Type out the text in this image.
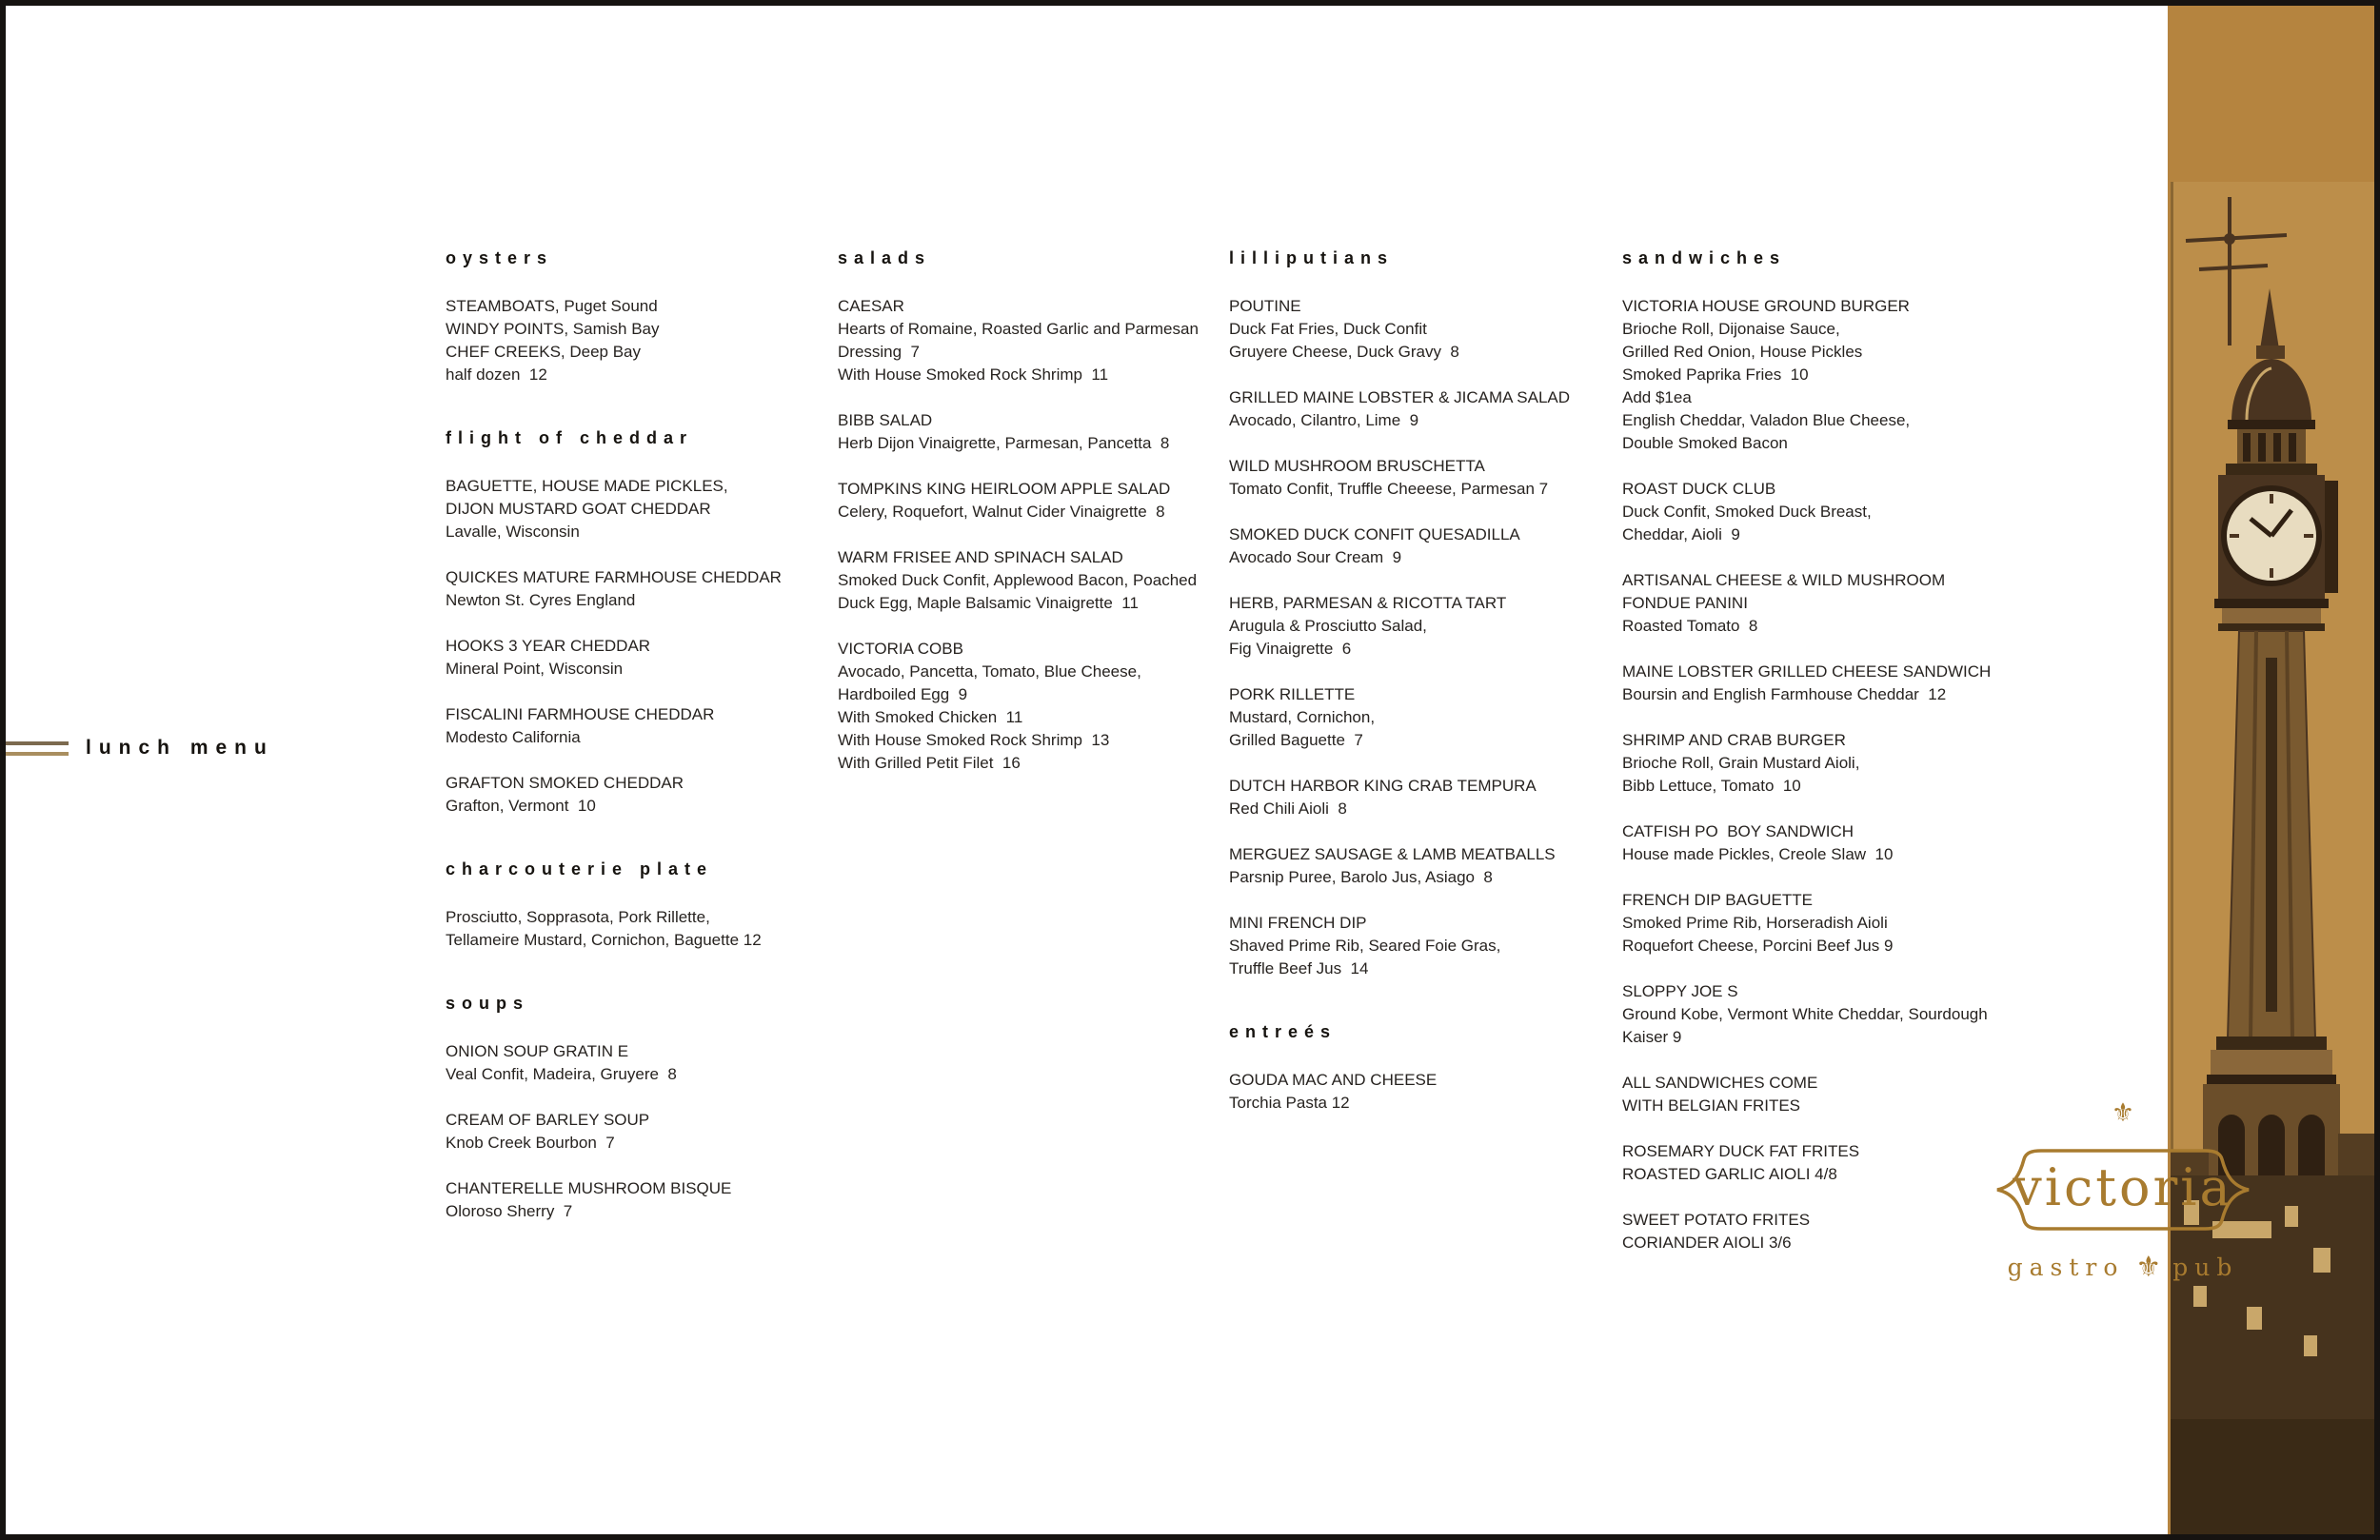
lunch menu
oysters
STEAMBOATS, Puget Sound
WINDY POINTS, Samish Bay
CHEF CREEKS, Deep Bay
half dozen  12
flight of cheddar
BAGUETTE, HOUSE MADE PICKLES,
DIJON MUSTARD GOAT CHEDDAR
Lavalle, Wisconsin
QUICKES MATURE FARMHOUSE CHEDDAR
Newton St. Cyres England
HOOKS 3 YEAR CHEDDAR
Mineral Point, Wisconsin
FISCALINI FARMHOUSE CHEDDAR
Modesto California
GRAFTON SMOKED CHEDDAR
Grafton, Vermont  10
charcouterie plate
Prosciutto, Sopprasota, Pork Rillette,
Tellameire Mustard, Cornichon, Baguette 12
soups
ONION SOUP GRATIN E
Veal Confit, Madeira, Gruyere  8
CREAM OF BARLEY SOUP
Knob Creek Bourbon  7
CHANTERELLE MUSHROOM BISQUE
Oloroso Sherry  7
salads
CAESAR
Hearts of Romaine, Roasted Garlic and Parmesan
Dressing  7
With House Smoked Rock Shrimp  11
BIBB SALAD
Herb Dijon Vinaigrette, Parmesan, Pancetta  8
TOMPKINS KING HEIRLOOM APPLE SALAD
Celery, Roquefort, Walnut Cider Vinaigrette  8
WARM FRISEE AND SPINACH SALAD
Smoked Duck Confit, Applewood Bacon, Poached
Duck Egg, Maple Balsamic Vinaigrette  11
VICTORIA COBB
Avocado, Pancetta, Tomato, Blue Cheese,
Hardboiled Egg  9
With Smoked Chicken  11
With House Smoked Rock Shrimp  13
With Grilled Petit Filet  16
lilliputians
POUTINE
Duck Fat Fries, Duck Confit
Gruyere Cheese, Duck Gravy  8
GRILLED MAINE LOBSTER & JICAMA SALAD
Avocado, Cilantro, Lime  9
WILD MUSHROOM BRUSCHETTA
Tomato Confit, Truffle Cheeese, Parmesan 7
SMOKED DUCK CONFIT QUESADILLA
Avocado Sour Cream  9
HERB, PARMESAN & RICOTTA TART
Arugula & Prosciutto Salad,
Fig Vinaigrette  6
PORK RILLETTE
Mustard, Cornichon,
Grilled Baguette  7
DUTCH HARBOR KING CRAB TEMPURA
Red Chili Aioli  8
MERGUEZ SAUSAGE & LAMB MEATBALLS
Parsnip Puree, Barolo Jus, Asiago  8
MINI FRENCH DIP
Shaved Prime Rib, Seared Foie Gras,
Truffle Beef Jus  14
entreés
GOUDA MAC AND CHEESE
Torchia Pasta 12
sandwiches
VICTORIA HOUSE GROUND BURGER
Brioche Roll, Dijonaise Sauce,
Grilled Red Onion, House Pickles
Smoked Paprika Fries  10
Add $1ea
English Cheddar, Valadon Blue Cheese,
Double Smoked Bacon
ROAST DUCK CLUB
Duck Confit, Smoked Duck Breast,
Cheddar, Aioli  9
ARTISANAL CHEESE & WILD MUSHROOM
FONDUE PANINI
Roasted Tomato  8
MAINE LOBSTER GRILLED CHEESE SANDWICH
Boursin and English Farmhouse Cheddar  12
SHRIMP AND CRAB BURGER
Brioche Roll, Grain Mustard Aioli,
Bibb Lettuce, Tomato  10
CATFISH PO  BOY SANDWICH
House made Pickles, Creole Slaw  10
FRENCH DIP BAGUETTE
Smoked Prime Rib, Horseradish Aioli
Roquefort Cheese, Porcini Beef Jus 9
SLOPPY JOE S
Ground Kobe, Vermont White Cheddar, Sourdough
Kaiser 9
ALL SANDWICHES COME
WITH BELGIAN FRITES
ROSEMARY DUCK FAT FRITES
ROASTED GARLIC AIOLI 4/8
SWEET POTATO FRITES
CORIANDER AIOLI 3/6
⚜
victoria
gastro ⚜ pub
